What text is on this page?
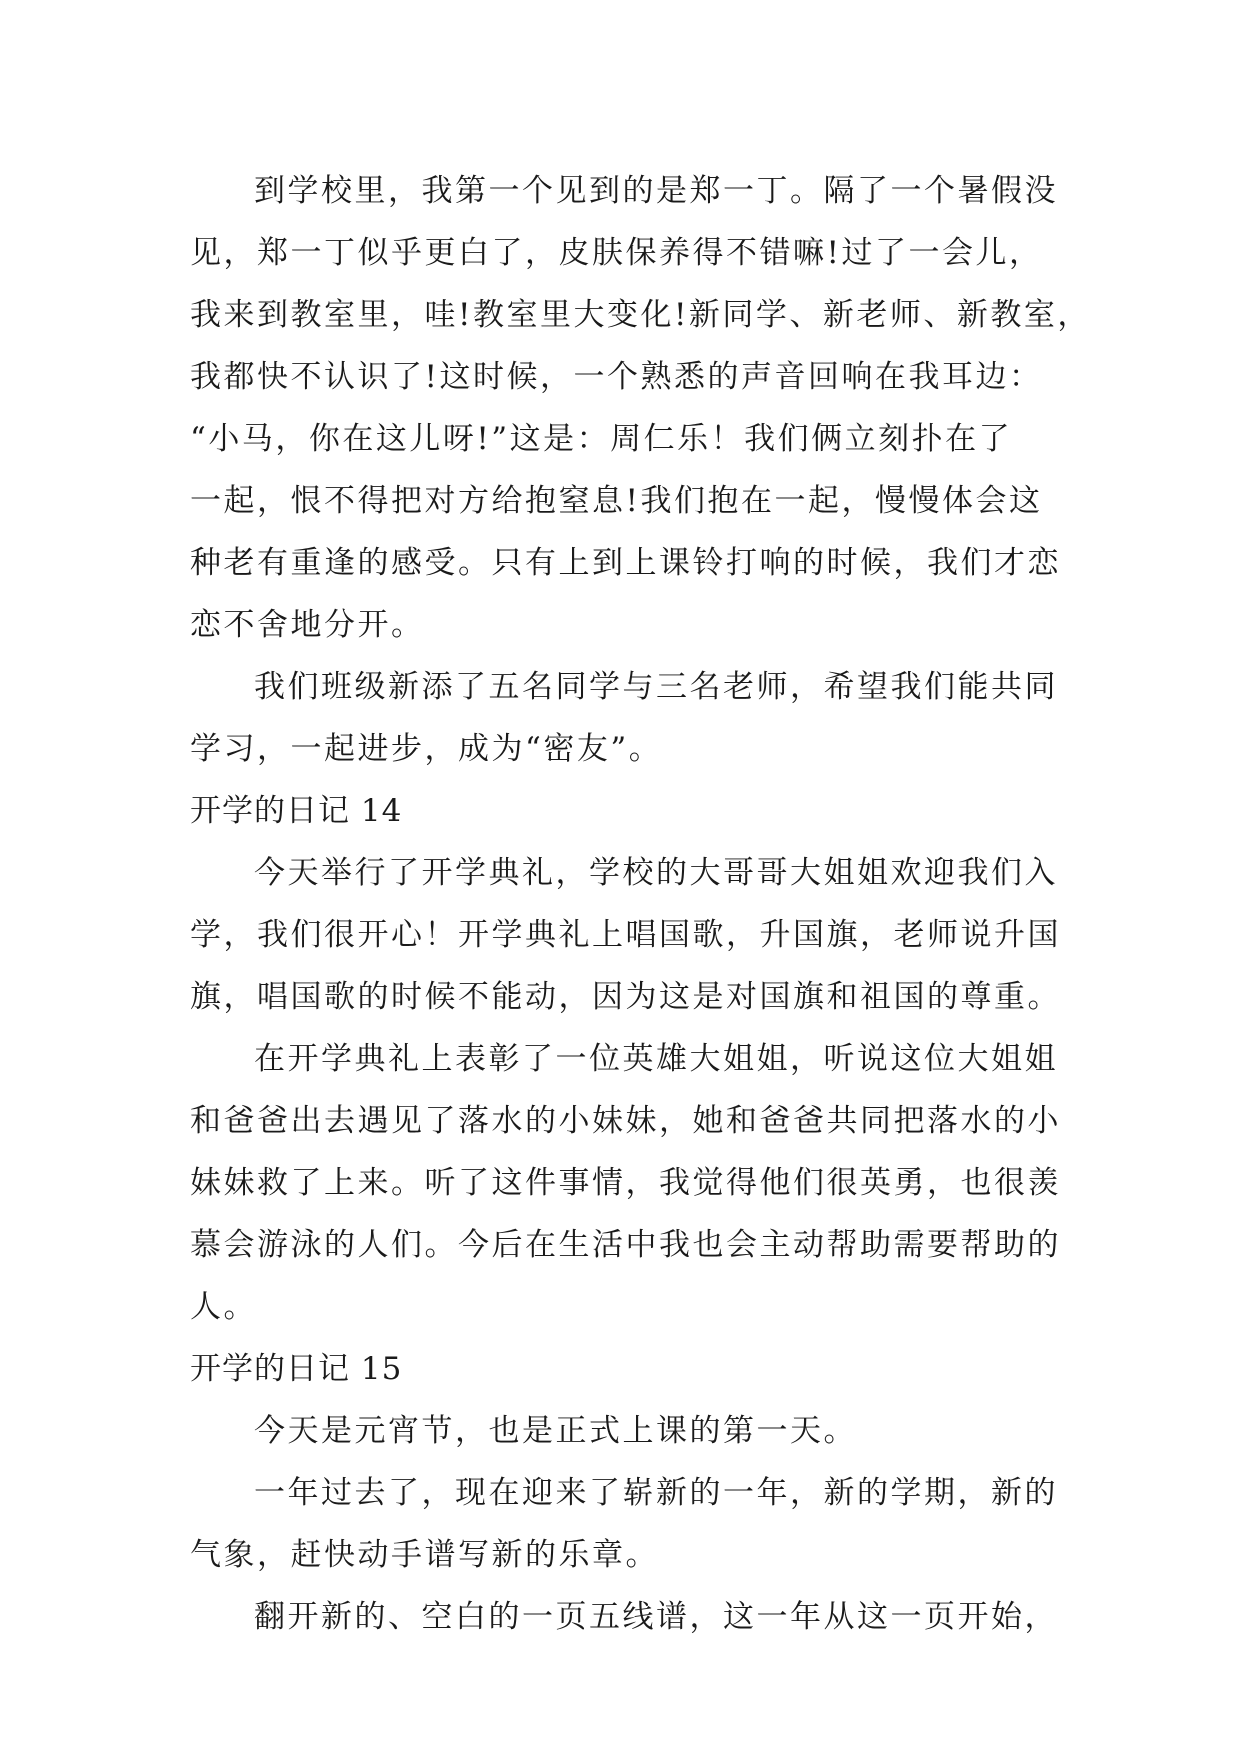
到学校里，我第一个见到的是郑一丁。隔了一个暑假没
见，郑一丁似乎更白了，皮肤保养得不错嘛!过了一会儿，
我来到教室里，哇!教室里大变化!新同学、新老师、新教室，
我都快不认识了!这时候，一个熟悉的声音回响在我耳边：
“小马，你在这儿呀!”这是：周仁乐！我们俩立刻扑在了
一起，恨不得把对方给抱窒息!我们抱在一起，慢慢体会这
种老有重逢的感受。只有上到上课铃打响的时候，我们才恋
恋不舍地分开。
我们班级新添了五名同学与三名老师，希望我们能共同
学习，一起进步，成为“密友”。
开学的日记 14
今天举行了开学典礼，学校的大哥哥大姐姐欢迎我们入
学，我们很开心！开学典礼上唱国歌，升国旗，老师说升国
旗，唱国歌的时候不能动，因为这是对国旗和祖国的尊重。
在开学典礼上表彰了一位英雄大姐姐，听说这位大姐姐
和爸爸出去遇见了落水的小妹妹，她和爸爸共同把落水的小
妹妹救了上来。听了这件事情，我觉得他们很英勇，也很羡
慕会游泳的人们。今后在生活中我也会主动帮助需要帮助的
人。
开学的日记 15
今天是元宵节，也是正式上课的第一天。
一年过去了，现在迎来了崭新的一年，新的学期，新的
气象，赶快动手谱写新的乐章。
翻开新的、空白的一页五线谱，这一年从这一页开始，
